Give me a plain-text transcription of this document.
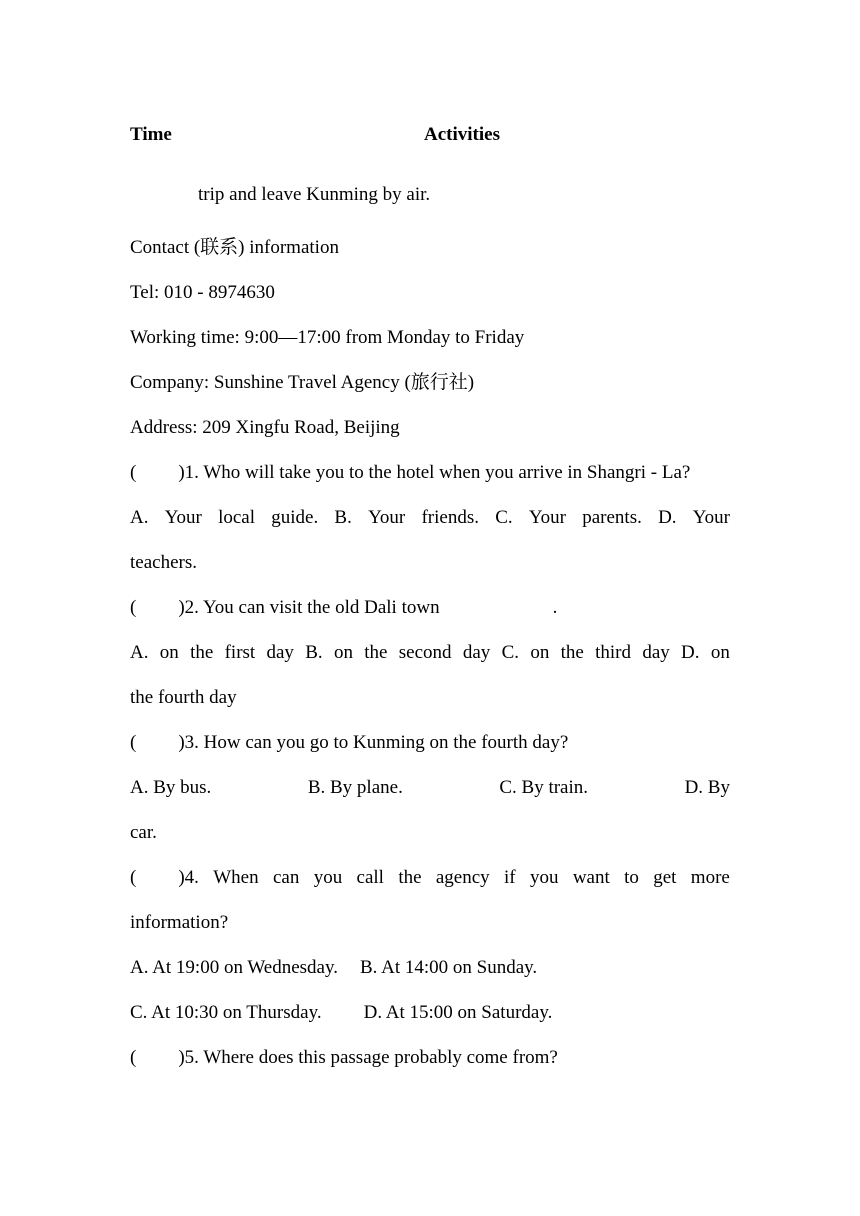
Time	Activities
trip and leave Kunming by air.
Contact (联系) information
Tel: 010 - 8974630
Working time: 9:00—17:00 from Monday to Friday
Company: Sunshine Travel Agency (旅行社)
Address: 209 Xingfu Road, Beijing
( )1. Who will take you to the hotel when you arrive in Shangri - La?
A. Your local guide. B. Your friends. C. Your parents. D. Your
teachers.
( )2. You can visit the old Dali town	.
A. on the first day B. on the second day C. on the third day D. on
the fourth day
( )3. How can you go to Kunming on the fourth day?
A. By bus.	B. By plane.	C. By train.	D. By
car.
( )4. When can you call the agency if you want to get more
information?
A. At 19:00 on Wednesday. B. At 14:00 on Sunday.
C. At 10:30 on Thursday. D. At 15:00 on Saturday.
( )5. Where does this passage probably come from?
